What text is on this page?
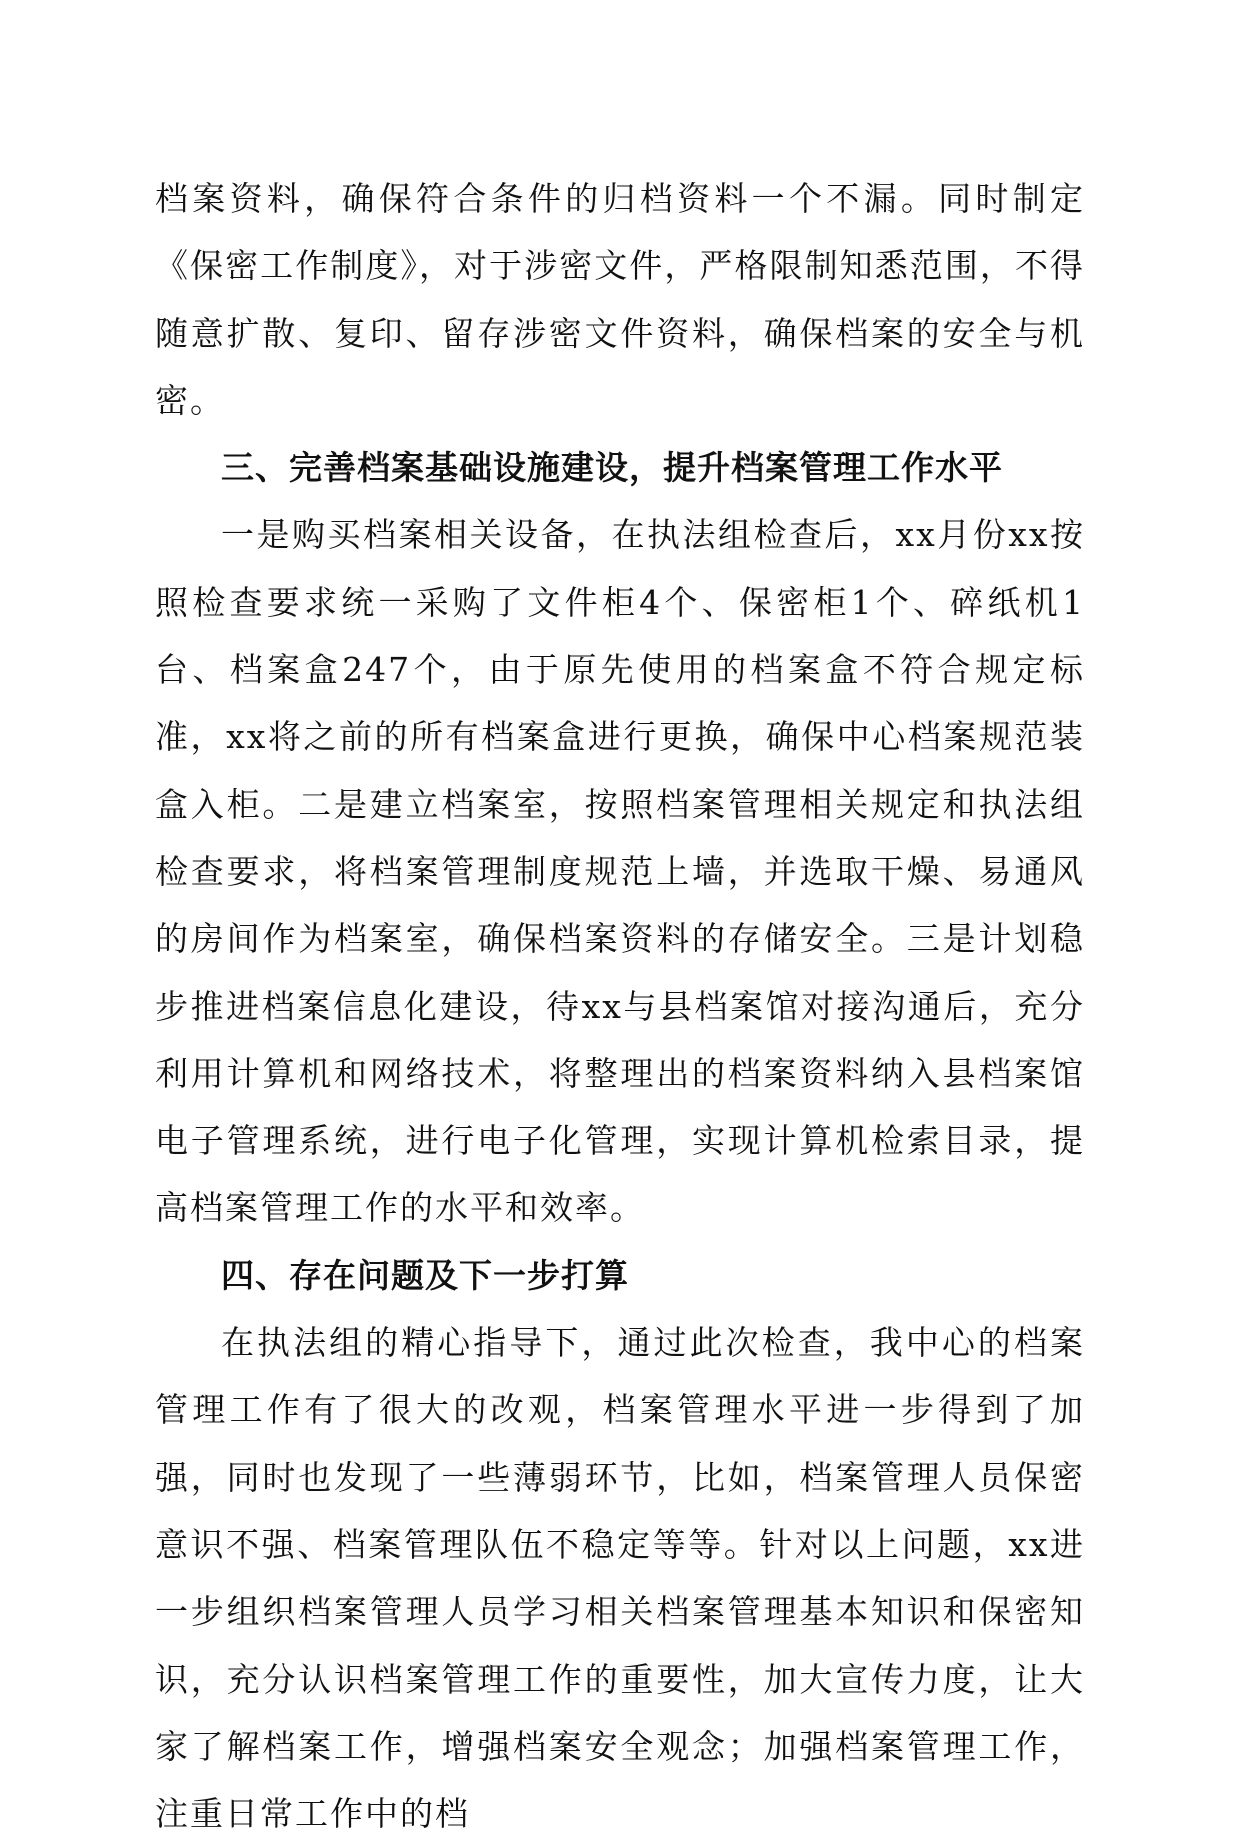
档案资料，确保符合条件的归档资料一个不漏。同时制定《保密工作制度》，对于涉密文件，严格限制知悉范围，不得随意扩散、复印、留存涉密文件资料，确保档案的安全与机密。

三、完善档案基础设施建设，提升档案管理工作水平

一是购买档案相关设备，在执法组检查后，xx月份xx按照检查要求统一采购了文件柜4个、保密柜1个、碎纸机1台、档案盒247个，由于原先使用的档案盒不符合规定标准，xx将之前的所有档案盒进行更换，确保中心档案规范装盒入柜。二是建立档案室，按照档案管理相关规定和执法组检查要求，将档案管理制度规范上墙，并选取干燥、易通风的房间作为档案室，确保档案资料的存储安全。三是计划稳步推进档案信息化建设，待xx与县档案馆对接沟通后，充分利用计算机和网络技术，将整理出的档案资料纳入县档案馆电子管理系统，进行电子化管理，实现计算机检索目录，提高档案管理工作的水平和效率。

四、存在问题及下一步打算

在执法组的精心指导下，通过此次检查，我中心的档案管理工作有了很大的改观，档案管理水平进一步得到了加强，同时也发现了一些薄弱环节，比如，档案管理人员保密意识不强、档案管理队伍不稳定等等。针对以上问题，xx进一步组织档案管理人员学习相关档案管理基本知识和保密知识，充分认识档案管理工作的重要性，加大宣传力度，让大家了解档案工作，增强档案安全观念；加强档案管理工作，注重日常工作中的档
